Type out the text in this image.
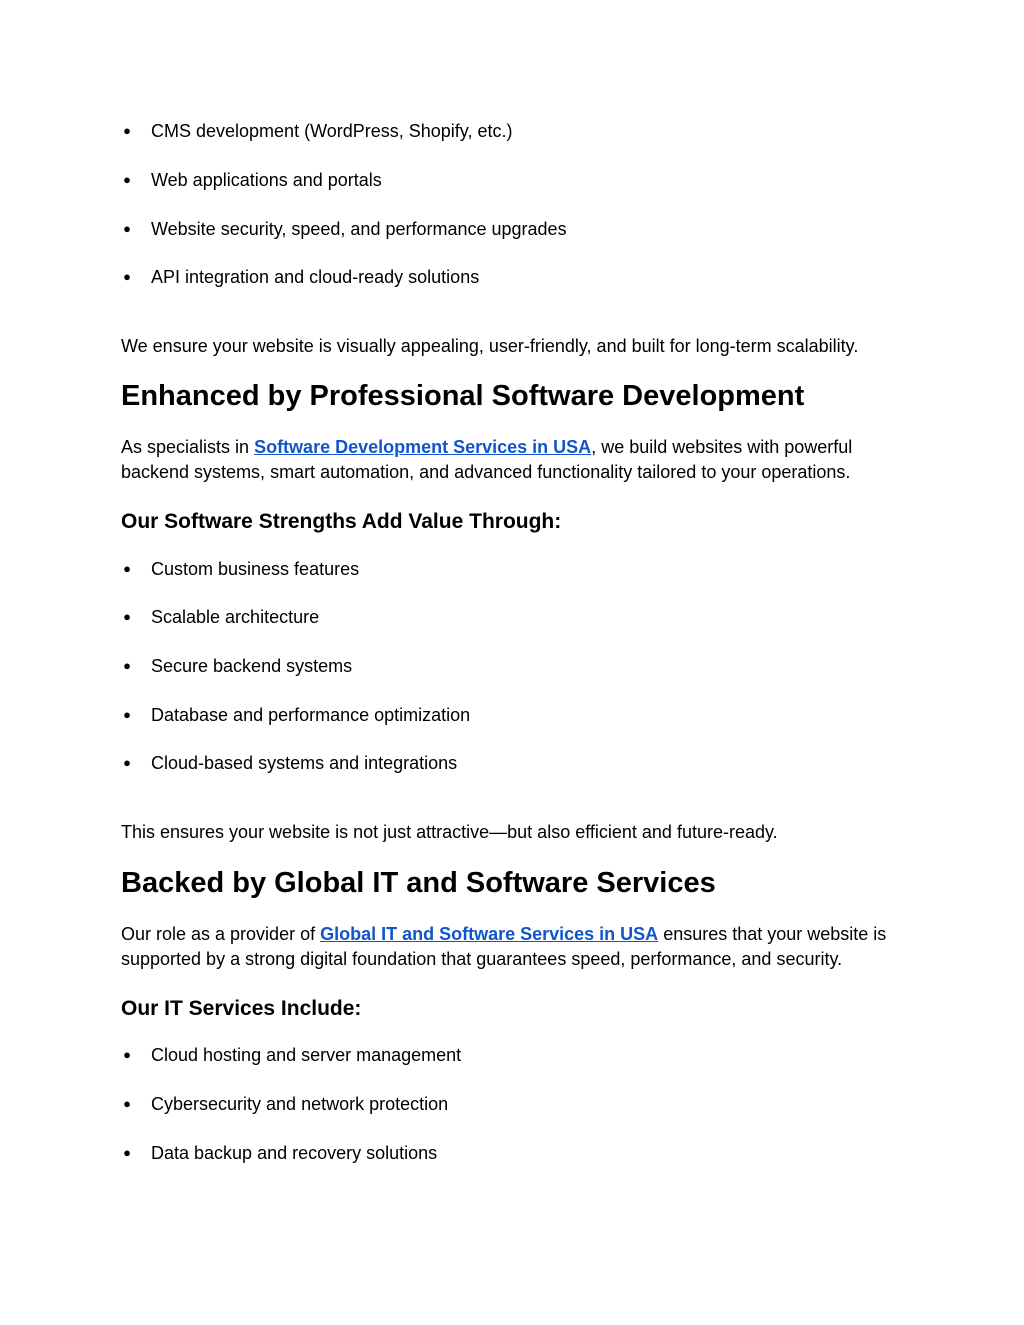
● CMS development (WordPress, Shopify, etc.)
● Web applications and portals
● Website security, speed, and performance upgrades
● API integration and cloud-ready solutions

We ensure your website is visually appealing, user-friendly, and built for long-term scalability.

Enhanced by Professional Software Development

As specialists in Software Development Services in USA, we build websites with powerful backend systems, smart automation, and advanced functionality tailored to your operations.

Our Software Strengths Add Value Through:
● Custom business features
● Scalable architecture
● Secure backend systems
● Database and performance optimization
● Cloud-based systems and integrations

This ensures your website is not just attractive—but also efficient and future-ready.

Backed by Global IT and Software Services

Our role as a provider of Global IT and Software Services in USA ensures that your website is supported by a strong digital foundation that guarantees speed, performance, and security.

Our IT Services Include:
● Cloud hosting and server management
● Cybersecurity and network protection
● Data backup and recovery solutions
